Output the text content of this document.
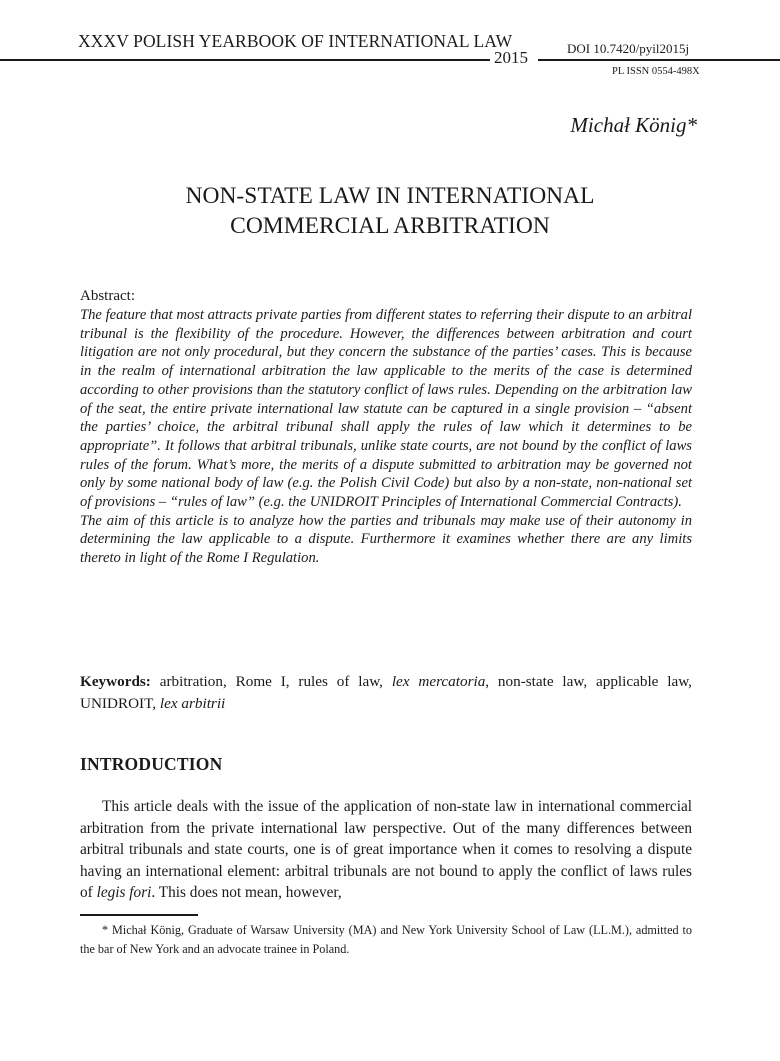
XXXV POLISH YEARBOOK OF INTERNATIONAL LAW
2015	DOI 10.7420/pyil2015j
PL ISSN 0554-498X
Michał König*
NON-STATE LAW IN INTERNATIONAL
COMMERCIAL ARBITRATION
Abstract:

The feature that most attracts private parties from different states to referring their dispute to an arbitral tribunal is the flexibility of the procedure. However, the differences between arbitration and court litigation are not only procedural, but they concern the substance of the parties’ cases. This is because in the realm of international arbitration the law applicable to the merits of the case is determined according to other provisions than the statutory conflict of laws rules. Depending on the arbitration law of the seat, the entire private international law statute can be captured in a single provision – “absent the parties’ choice, the arbitral tribunal shall apply the rules of law which it determines to be appropriate”. It follows that arbitral tribunals, unlike state courts, are not bound by the conflict of laws rules of the forum. What’s more, the merits of a dispute submitted to arbitration may be governed not only by some national body of law (e.g. the Polish Civil Code) but also by a non-state, non-national set of provisions – “rules of law” (e.g. the UNIDROIT Principles of International Commercial Contracts).

The aim of this article is to analyze how the parties and tribunals may make use of their autonomy in determining the law applicable to a dispute. Furthermore it examines whether there are any limits thereto in light of the Rome I Regulation.

Keywords: arbitration, Rome I, rules of law, lex mercatoria, non-state law, applicable law, UNIDROIT, lex arbitrii
INTRODUCTION
This article deals with the issue of the application of non-state law in international commercial arbitration from the private international law perspective. Out of the many differences between arbitral tribunals and state courts, one is of great importance when it comes to resolving a dispute having an international element: arbitral tribunals are not bound to apply the conflict of laws rules of legis fori. This does not mean, however,
* Michał König, Graduate of Warsaw University (MA) and New York University School of Law (LL.M.), admitted to the bar of New York and an advocate trainee in Poland.
